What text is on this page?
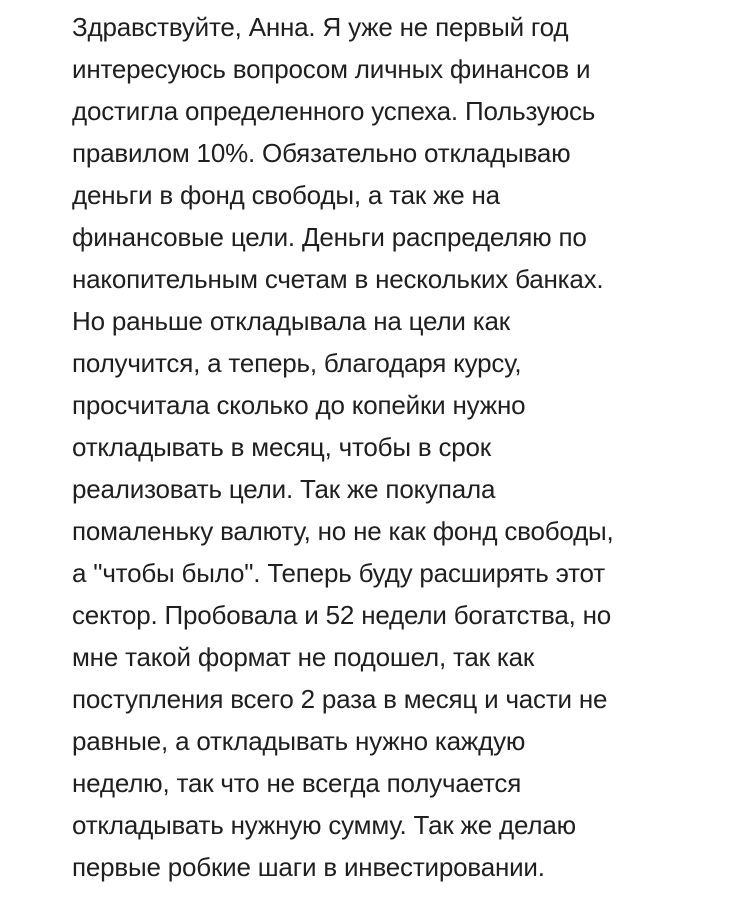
Здравствуйте, Анна. Я уже не первый год
интересуюсь вопросом личных финансов и
достигла определенного успеха. Пользуюсь
правилом 10%. Обязательно откладываю
деньги в фонд свободы, а так же на
финансовые цели. Деньги распределяю по
накопительным счетам в нескольких банках.
Но раньше откладывала на цели как
получится, а теперь, благодаря курсу,
просчитала сколько до копейки нужно
откладывать в месяц, чтобы в срок
реализовать цели. Так же покупала
помаленьку валюту, но не как фонд свободы,
а "чтобы было". Теперь буду расширять этот
сектор. Пробовала и 52 недели богатства, но
мне такой формат не подошел, так как
поступления всего 2 раза в месяц и части не
равные, а откладывать нужно каждую
неделю, так что не всегда получается
откладывать нужную сумму. Так же делаю
первые робкие шаги в инвестировании.
